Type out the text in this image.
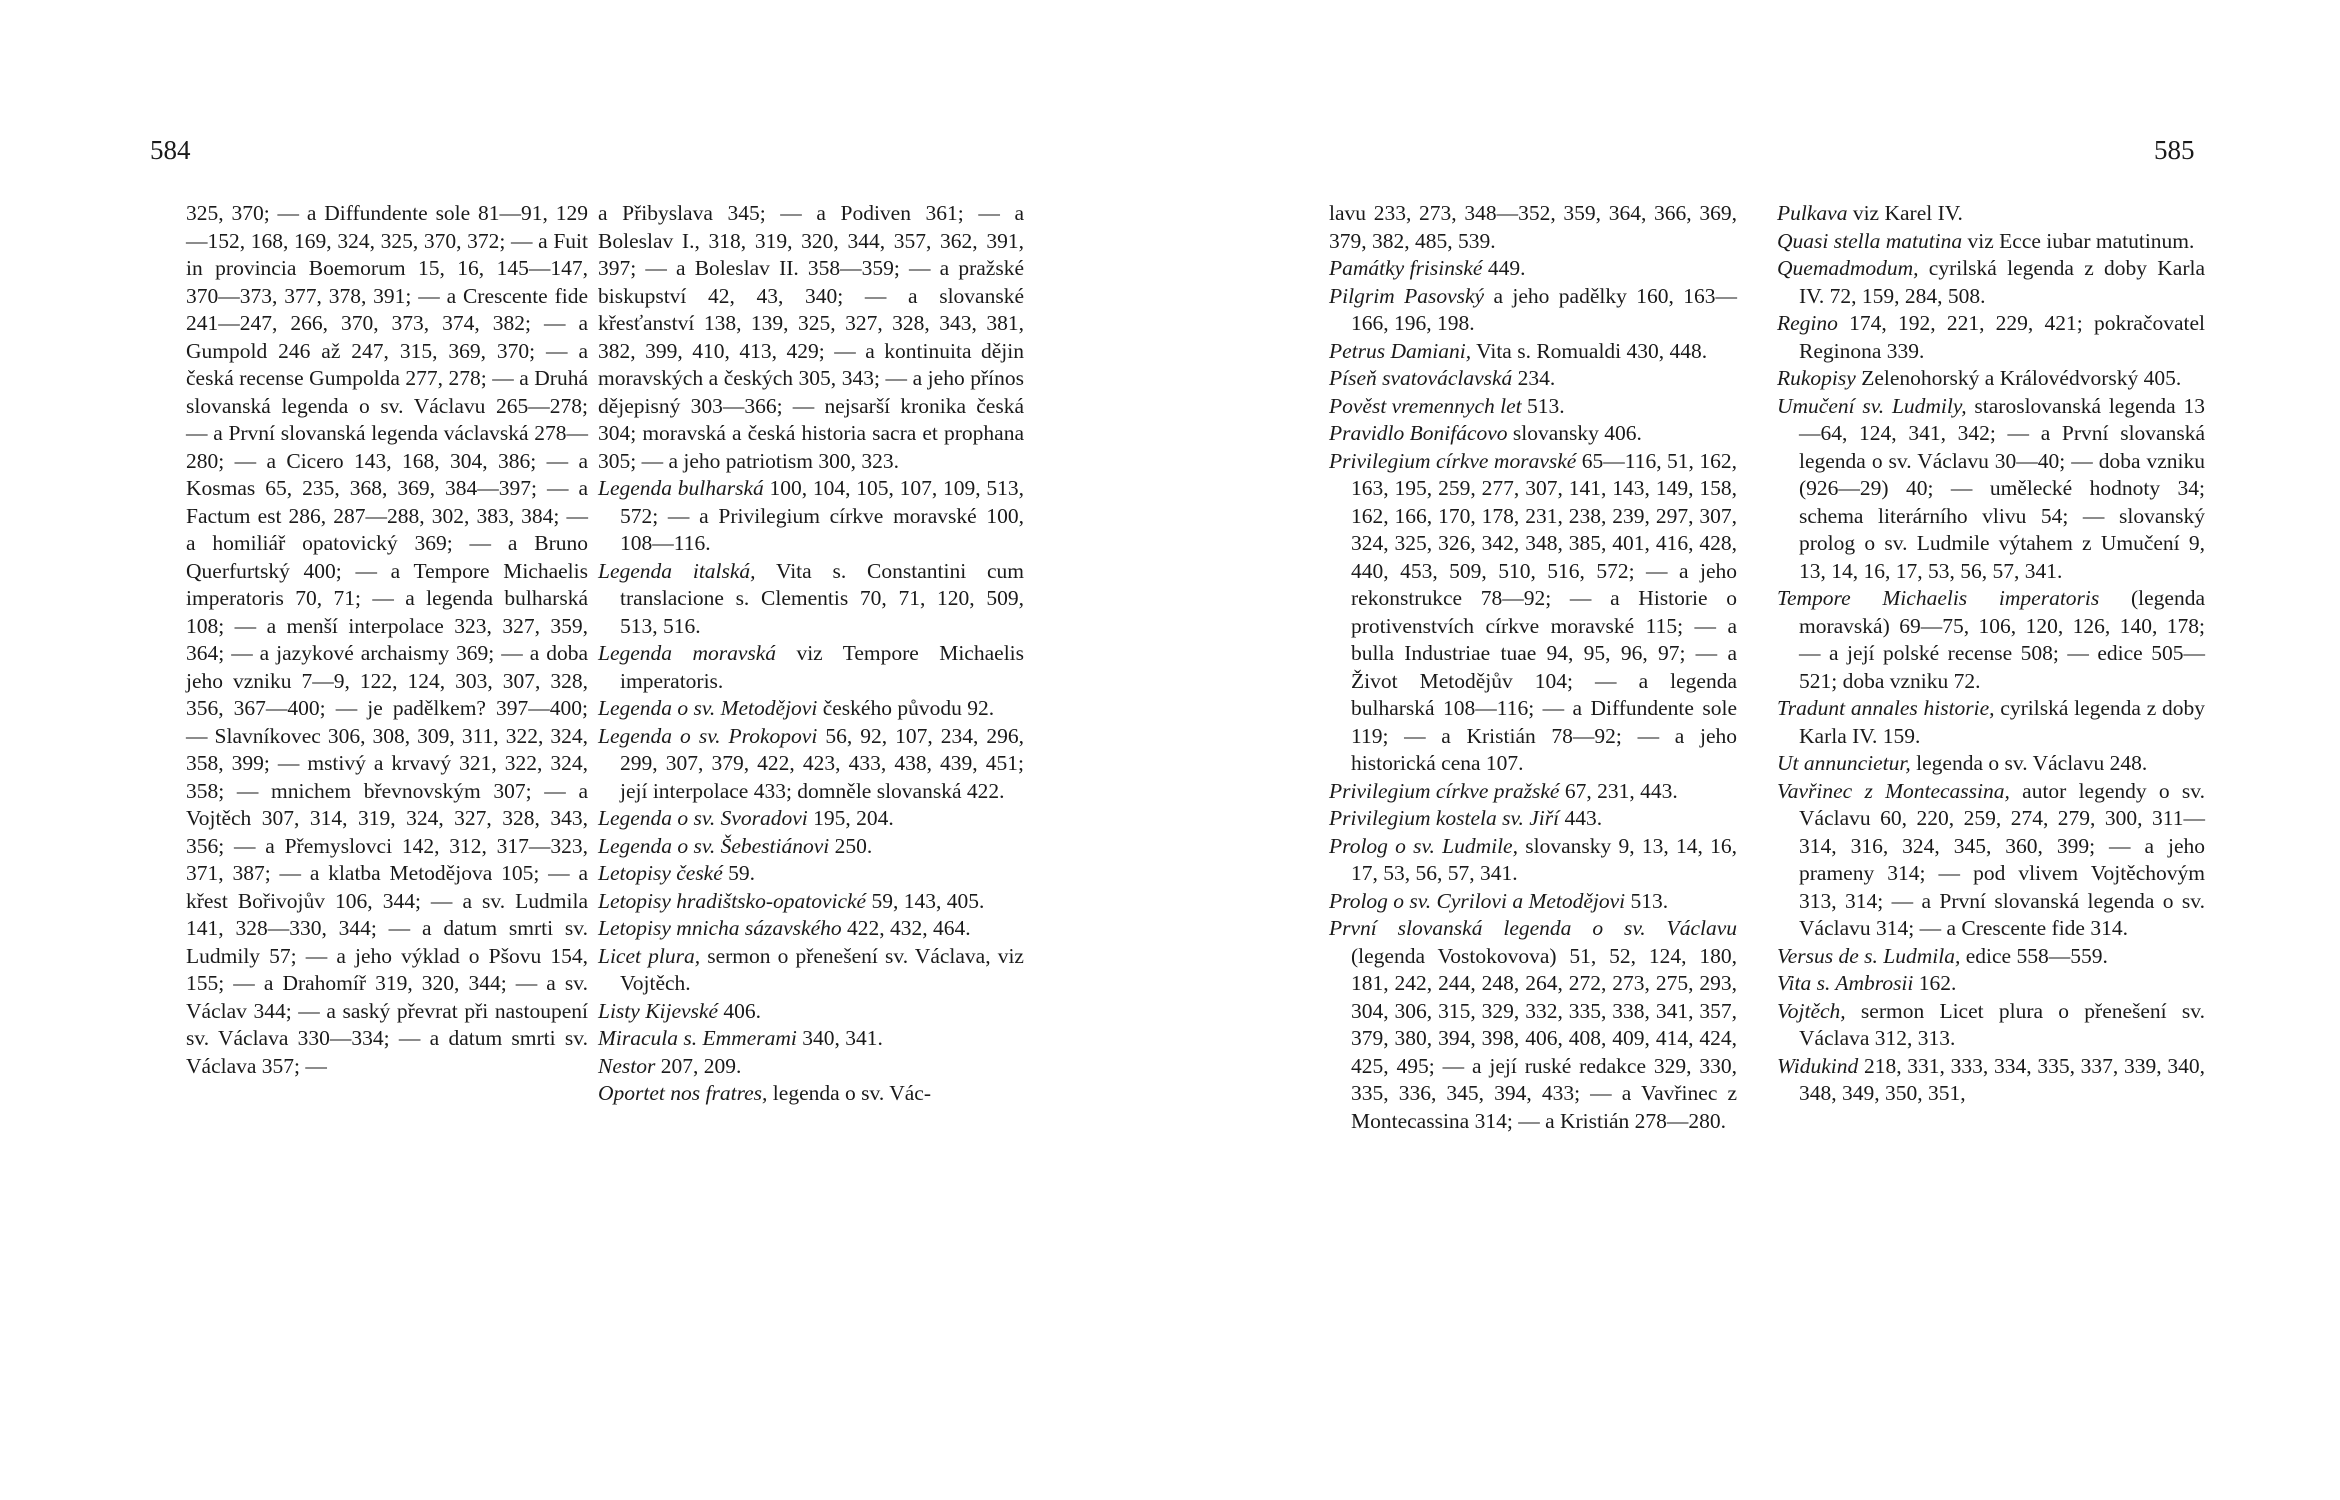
584	585
325, 370; — a Diffundente sole 81—91, 129—152, 168, 169, 324, 325, 370, 372; — a Fuit in provincia Boemorum 15, 16, 145—147, 370—373, 377, 378, 391; — a Crescente fide 241—247, 266, 370, 373, 374, 382; — a Gumpold 246 až 247, 315, 369, 370; — a česká recense Gumpolda 277, 278; — a Druhá slovanská legenda o sv. Václavu 265—278; — a První slovanská legenda václavská 278—280; — a Cicero 143, 168, 304, 386; — a Kosmas 65, 235, 368, 369, 384—397; — a Factum est 286, 287—288, 302, 383, 384; — a homiliář opatovický 369; — a Bruno Querfurtský 400; — a Tempore Michaelis imperatoris 70, 71; — a legenda bulharská 108; — a menší interpolace 323, 327, 359, 364; — a jazykové archaismy 369; — a doba jeho vzniku 7—9, 122, 124, 303, 307, 328, 356, 367—400; — je padělkem? 397—400; — Slavníkovec 306, 308, 309, 311, 322, 324, 358, 399; — mstivý a krvavý 321, 322, 324, 358; — mnichem břevnovským 307; — a Vojtěch 307, 314, 319, 324, 327, 328, 343, 356; — a Přemyslovci 142, 312, 317—323, 371, 387; — a klatba Metodějova 105; — a křest Bořivojův 106, 344; — a sv. Ludmila 141, 328—330, 344; — a datum smrti sv. Ludmily 57; — a jeho výklad o Pšovu 154, 155; — a Drahomíř 319, 320, 344; — a sv. Václav 344; — a saský převrat při nastoupení sv. Václava 330—334; — a datum smrti sv. Václava 357; —
a Přibyslava 345; — a Podiven 361; — a Boleslav I., 318, 319, 320, 344, 357, 362, 391, 397; — a Boleslav II. 358—359; — a pražské biskupství 42, 43, 340; — a slovanské křesťanství 138, 139, 325, 327, 328, 343, 381, 382, 399, 410, 413, 429; — a kontinuita dějin moravských a českých 305, 343; — a jeho přínos dějepisný 303—366; — nejsarší kronika česká 304; moravská a česká historia sacra et prophana 305; — a jeho patriotism 300, 323.
Legenda bulharská 100, 104, 105, 107, 109, 513, 572; — a Privilegium církve moravské 100, 108—116.
Legenda italská, Vita s. Constantini cum translacione s. Clementis 70, 71, 120, 509, 513, 516.
Legenda moravská viz Tempore Michaelis imperatoris.
Legenda o sv. Metodějovi českého původu 92.
Legenda o sv. Prokopovi 56, 92, 107, 234, 296, 299, 307, 379, 422, 423, 433, 438, 439, 451; její interpolace 433; domněle slovanská 422.
Legenda o sv. Svoradovi 195, 204.
Legenda o sv. Šebestiánovi 250.
Letopisy české 59.
Letopisy hradištsko-opatovické 59, 143, 405.
Letopisy mnicha sázavského 422, 432, 464.
Licet plura, sermon o přenešení sv. Václava, viz Vojtěch.
Listy Kijevské 406.
Miracula s. Emmerami 340, 341.
Nestor 207, 209.
Oportet nos fratres, legenda o sv. Vác-
lavu 233, 273, 348—352, 359, 364, 366, 369, 379, 382, 485, 539.
Památky frisinské 449.
Pilgrim Pasovský a jeho padělky 160, 163—166, 196, 198.
Petrus Damiani, Vita s. Romualdi 430, 448.
Píseň svatováclavská 234.
Pověst vremennych let 513.
Pravidlo Bonifácovo slovansky 406.
Privilegium církve moravské 65—116, 51, 162, 163, 195, 259, 277, 307, 141, 143, 149, 158, 162, 166, 170, 178, 231, 238, 239, 297, 307, 324, 325, 326, 342, 348, 385, 401, 416, 428, 440, 453, 509, 510, 516, 572; — a jeho rekonstrukce 78—92; — a Historie o protivenstvích církve moravské 115; — a bulla Industriae tuae 94, 95, 96, 97; — a Život Metodějův 104; — a legenda bulharská 108—116; — a Diffundente sole 119; — a Kristián 78—92; — a jeho historická cena 107.
Privilegium církve pražské 67, 231, 443.
Privilegium kostela sv. Jiří 443.
Prolog o sv. Ludmile, slovansky 9, 13, 14, 16, 17, 53, 56, 57, 341.
Prolog o sv. Cyrilovi a Metodějovi 513.
První slovanská legenda o sv. Václavu (legenda Vostokovova) 51, 52, 124, 180, 181, 242, 244, 248, 264, 272, 273, 275, 293, 304, 306, 315, 329, 332, 335, 338, 341, 357, 379, 380, 394, 398, 406, 408, 409, 414, 424, 425, 495; — a její ruské redakce 329, 330, 335, 336, 345, 394, 433; — a Vavřinec z Montecassina 314; — a Kristián 278—280.
Pulkava viz Karel IV.
Quasi stella matutina viz Ecce iubar matutinum.
Quemadmodum, cyrilská legenda z doby Karla IV. 72, 159, 284, 508.
Regino 174, 192, 221, 229, 421; pokračovatel Reginona 339.
Rukopisy Zelenohorský a Královédvorský 405.
Umučení sv. Ludmily, staroslovanská legenda 13—64, 124, 341, 342; — a První slovanská legenda o sv. Václavu 30—40; — doba vzniku (926—29) 40; — umělecké hodnoty 34; schema literárního vlivu 54; — slovanský prolog o sv. Ludmile výtahem z Umučení 9, 13, 14, 16, 17, 53, 56, 57, 341.
Tempore Michaelis imperatoris (legenda moravská) 69—75, 106, 120, 126, 140, 178; — a její polské recense 508; — edice 505—521; doba vzniku 72.
Tradunt annales historie, cyrilská legenda z doby Karla IV. 159.
Ut annuncietur, legenda o sv. Václavu 248.
Vavřinec z Montecassina, autor legendy o sv. Václavu 60, 220, 259, 274, 279, 300, 311—314, 316, 324, 345, 360, 399; — a jeho prameny 314; — pod vlivem Vojtěchovým 313, 314; — a První slovanská legenda o sv. Václavu 314; — a Crescente fide 314.
Versus de s. Ludmila, edice 558—559.
Vita s. Ambrosii 162.
Vojtěch, sermon Licet plura o přenešení sv. Václava 312, 313.
Widukind 218, 331, 333, 334, 335, 337, 339, 340, 348, 349, 350, 351,
